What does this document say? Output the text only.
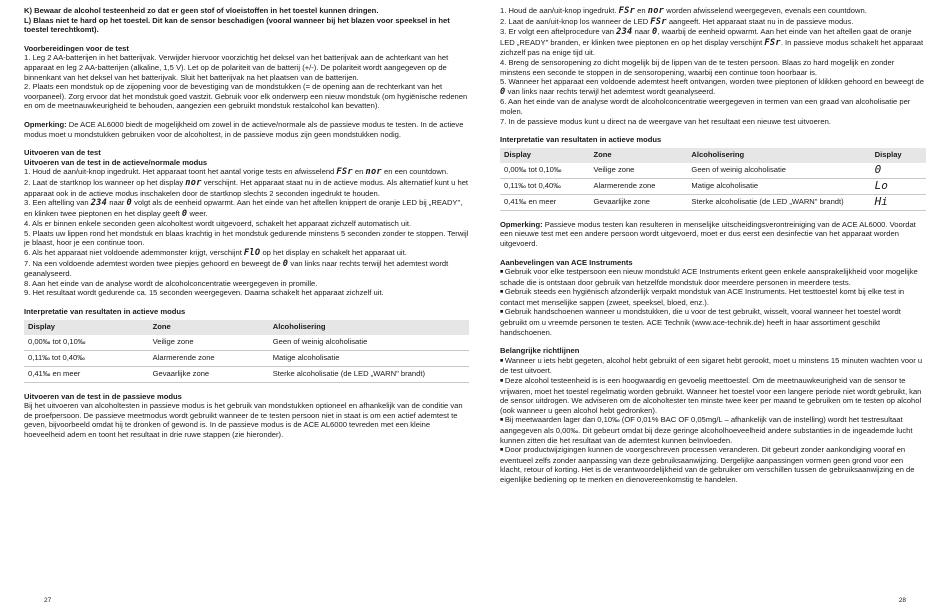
K) Bewaar de alcohol testeenheid zo dat er geen stof of vloeistoffen in het toestel kunnen dringen.

L) Blaas niet te hard op het toestel. Dit kan de sensor beschadigen (vooral wanneer bij het blazen voor speeksel in het toestel terechtkomt).

Voorbereidingen voor de test

1. Leg 2 AA-batterijen in het batterijvak. Verwijder hiervoor voorzichtig het deksel van het batterijvak aan de achterkant van het apparaat en leg 2 AA-batterijen (alkaline, 1,5 V). Let op de polariteit van de batterij (+/-). De polariteit wordt aangegeven op de binnenkant van het deksel van het batterijvak. Sluit het batterijvak na het plaatsen van de batterijen.

2. Plaats een mondstuk op de zijopening voor de bevestiging van de mondstukken (= de opening aan de rechterkant van het voorpaneel). Zorg ervoor dat het mondstuk goed vastzit. Gebruik voor elk onderwerp een nieuw mondstuk (om hygiënische redenen en om de meetnauwkeurigheid te behouden, aangezien een gebruikt mondstuk restalcohol kan bevatten).

Opmerking: De ACE AL6000 biedt de mogelijkheid om zowel in de actieve/normale als de passieve modus te testen. In de actieve modus moet u mondstukken gebruiken voor de alcoholtest, in de passieve modus zijn geen mondstukken nodig.

Uitvoeren van de test

Uitvoeren van de test in de actieve/normale modus

1. Houd de aan/uit-knop ingedrukt. Het apparaat toont het aantal vorige tests en afwisselend FSr en nor en een countdown.

2. Laat de startknop los wanneer op het display nor verschijnt. Het apparaat staat nu in de actieve modus. Als alternatief kunt u het apparaat ook in de actieve modus inschakelen door de startknop slechts 2 seconden ingedrukt te houden.

3. Een aftelling van 234 naar 0 volgt als de eenheid opwarmt. Aan het einde van het aftellen knippert de oranje LED bij „READY", en klinken twee pieptonen en het display geeft 0 weer.

4. Als er binnen enkele seconden geen alcoholtest wordt uitgevoerd, schakelt het apparaat zichzelf automatisch uit.

5. Plaats uw lippen rond het mondstuk en blaas krachtig in het mondstuk gedurende minstens 5 seconden zonder te stoppen. Terwijl je blaast, hoor je een continue toon.

6. Als het apparaat niet voldoende ademmonster krijgt, verschijnt FlO op het display en schakelt het apparaat uit.

7. Na een voldoende ademtest worden twee piepjes gehoord en beweegt de 0 van links naar rechts terwijl het ademtest wordt geanalyseerd.

8. Aan het einde van de analyse wordt de alcoholconcentratie weergegeven in promille.

9. Het resultaat wordt gedurende ca. 15 seconden weergegeven. Daarna schakelt het apparaat zichzelf uit.

Interpretatie van resultaten in actieve modus

Display	Zone	Alcoholisering
0,00‰ tot 0,10‰	Veilige zone	Geen of weinig alcoholisatie
0,11‰ tot 0,40‰	Alarmerende zone	Matige alcoholisatie
0,41‰ en meer	Gevaarlijke zone	Sterke alcoholisatie (de LED „WARN" brandt)

Uitvoeren van de test in de passieve modus

Bij het uitvoeren van alcoholtesten in passieve modus is het gebruik van mondstukken optioneel en afhankelijk van de conditie van de proefpersoon. De passieve meetmodus wordt gebruikt wanneer de te testen persoon niet in staat is om een actief ademtest te geven, bijvoorbeeld omdat hij te dronken of gewond is. In de passieve modus is de ACE AL6000 tevreden met een kleine hoeveelheid adem en toont het resultaat in drie ruwe stappen (zie hieronder).

27

1. Houd de aan/uit-knop ingedrukt. FSr en nor worden afwisselend weergegeven, evenals een countdown.

2. Laat de aan/uit-knop los wanneer de LED FSr aangeeft. Het apparaat staat nu in de passieve modus.

3. Er volgt een aftelprocedure van 234 naar 0, waarbij de eenheid opwarmt. Aan het einde van het aftellen gaat de oranje LED „READY" branden, er klinken twee pieptonen en op het display verschijnt FSr. In passieve modus schakelt het apparaat zichzelf pas na enige tijd uit.

4. Breng de sensoropening zo dicht mogelijk bij de lippen van de te testen persoon. Blaas zo hard mogelijk en zonder minstens een seconde te stoppen in de sensoropening, waarbij een continue toon hoorbaar is.

5. Wanneer het apparaat een voldoende ademtest heeft ontvangen, worden twee pieptonen of klikken gehoord en beweegt de 0 van links naar rechts terwijl het ademtest wordt geanalyseerd.

6. Aan het einde van de analyse wordt de alcoholconcentratie weergegeven in termen van een graad van alcoholisatie per molen.

7. In de passieve modus kunt u direct na de weergave van het resultaat een nieuwe test uitvoeren.

Interpretatie van resultaten in actieve modus

Display	Zone	Alcoholisering	Display
0,00‰ tot 0,10‰	Veilige zone	Geen of weinig alcoholisatie	0
0,11‰ tot 0,40‰	Alarmerende zone	Matige alcoholisatie	Lo
0,41‰ en meer	Gevaarlijke zone	Sterke alcoholisatie (de LED „WARN" brandt)	Hi

Opmerking: Passieve modus testen kan resulteren in menselijke uitscheidingsverontreiniging van de ACE AL6000. Voordat een nieuwe test met een andere persoon wordt uitgevoerd, moet er dus eerst een desinfectie van het apparaat worden uitgevoerd.

Aanbevelingen van ACE Instruments

■ Gebruik voor elke testpersoon een nieuw mondstuk! ACE Instruments erkent geen enkele aansprakelijkheid voor mogelijke schade die is ontstaan door gebruik van hetzelfde mondstuk door meerdere personen in meerdere tests.

■ Gebruik steeds een hygiënisch afzonderlijk verpakt mondstuk van ACE Instruments. Het testtoestel komt bij elke test in contact met menselijke sappen (zweet, speeksel, bloed, enz.).

■ Gebruik handschoenen wanneer u mondstukken, die u voor de test gebruikt, wisselt, vooral wanneer het toestel wordt gebruikt om u vreemde personen te testen. ACE Technik (www.ace-technik.de) heeft in haar assortiment geschikt handschoenen.

Belangrijke richtlijnen

■ Wanneer u iets hebt gegeten, alcohol hebt gebruikt of een sigaret hebt gerookt, moet u minstens 15 minuten wachten voor u de test uitvoert.

■ Deze alcohol testeenheid is is een hoogwaardig en gevoelig meettoestel. Om de meetnauwkeurigheid van de sensor te vrijwaren, moet het toestel regelmatig worden gebruikt. Wanneer het toestel voor een langere periode niet wordt gebruikt, kan de sensor uitdrogen. We adviseren om de alcoholtester ten minste twee keer per maand te gebruiken om te testen op alcohol (ook wanneer u geen alcohol hebt gedronken).

■ Bij meetwaarden lager dan 0,10‰ (OF 0,01% BAC OF 0,05mg/L – afhankelijk van de instelling) wordt het testresultaat aangegeven als 0,00‰. Dit gebeurt omdat bij deze geringe alcoholhoeveelheid andere substanties in de ingeademde lucht kunnen zitten die het resultaat van de ademtest kunnen beïnvloeden.

■ Door productwijzigingen kunnen de voorgeschreven processen veranderen. Dit gebeurt zonder aankondiging vooraf en eventueel zelfs zonder aanpassing van deze gebruiksaanwijzing. Dergelijke aanpassingen vormen geen grond voor een klacht, retour of korting. Het is de verantwoordelijkheid van de gebruiker om verschillen tussen de gebruiksaanwijzing en de eigenlijke bediening op te merken en dienovereenkomstig te handelen.

28
